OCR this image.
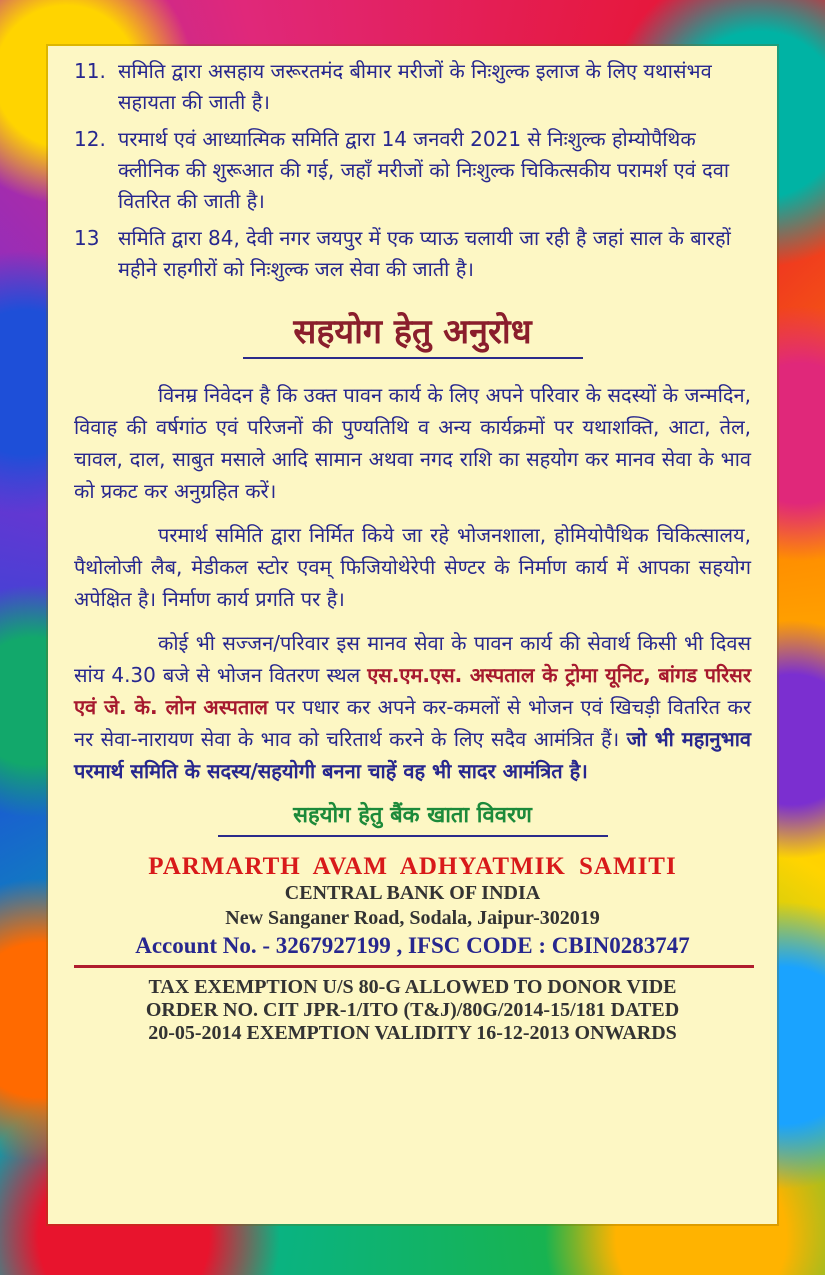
11. समिति द्वारा असहाय जरूरतमंद बीमार मरीजों के निःशुल्क इलाज के लिए यथासंभव सहायता की जाती है।
12. परमार्थ एवं आध्यात्मिक समिति द्वारा 14 जनवरी 2021 से निःशुल्क होम्योपैथिक क्लीनिक की शुरूआत की गई, जहाँ मरीजों को निःशुल्क चिकित्सकीय परामर्श एवं दवा वितरित की जाती है।
13 समिति द्वारा 84, देवी नगर जयपुर में एक प्याऊ चलायी जा रही है जहां साल के बारहों महीने राहगीरों को निःशुल्क जल सेवा की जाती है।
सहयोग हेतु अनुरोध

विनम्र निवेदन है कि उक्त पावन कार्य के लिए अपने परिवार के सदस्यों के जन्मदिन, विवाह की वर्षगांठ एवं परिजनों की पुण्यतिथि व अन्य कार्यक्रमों पर यथाशक्ति, आटा, तेल, चावल, दाल, साबुत मसाले आदि सामान अथवा नगद राशि का सहयोग कर मानव सेवा के भाव को प्रकट कर अनुग्रहित करें।

परमार्थ समिति द्वारा निर्मित किये जा रहे भोजनशाला, होमियोपैथिक चिकित्सालय, पैथोलोजी लैब, मेडीकल स्टोर एवम् फिजियोथेरेपी सेण्टर के निर्माण कार्य में आपका सहयोग अपेक्षित है। निर्माण कार्य प्रगति पर है।

कोई भी सज्जन/परिवार इस मानव सेवा के पावन कार्य की सेवार्थ किसी भी दिवस सांय 4.30 बजे से भोजन वितरण स्थल एस.एम.एस. अस्पताल के ट्रोमा यूनिट, बांगड परिसर एवं जे. के. लोन अस्पताल पर पधार कर अपने कर-कमलों से भोजन एवं खिचड़ी वितरित कर नर सेवा-नारायण सेवा के भाव को चरितार्थ करने के लिए सदैव आमंत्रित हैं। जो भी महानुभाव परमार्थ समिति के सदस्य/सहयोगी बनना चाहें वह भी सादर आमंत्रित है।

सहयोग हेतु बैंक खाता विवरण
PARMARTH AVAM ADHYATMIK SAMITI
CENTRAL BANK OF INDIA
New Sanganer Road, Sodala, Jaipur-302019
Account No. - 3267927199 , IFSC CODE : CBIN0283747
TAX EXEMPTION U/S 80-G ALLOWED TO DONOR VIDE
ORDER NO. CIT JPR-1/ITO (T&J)/80G/2014-15/181 DATED
20-05-2014 EXEMPTION VALIDITY 16-12-2013 ONWARDS
